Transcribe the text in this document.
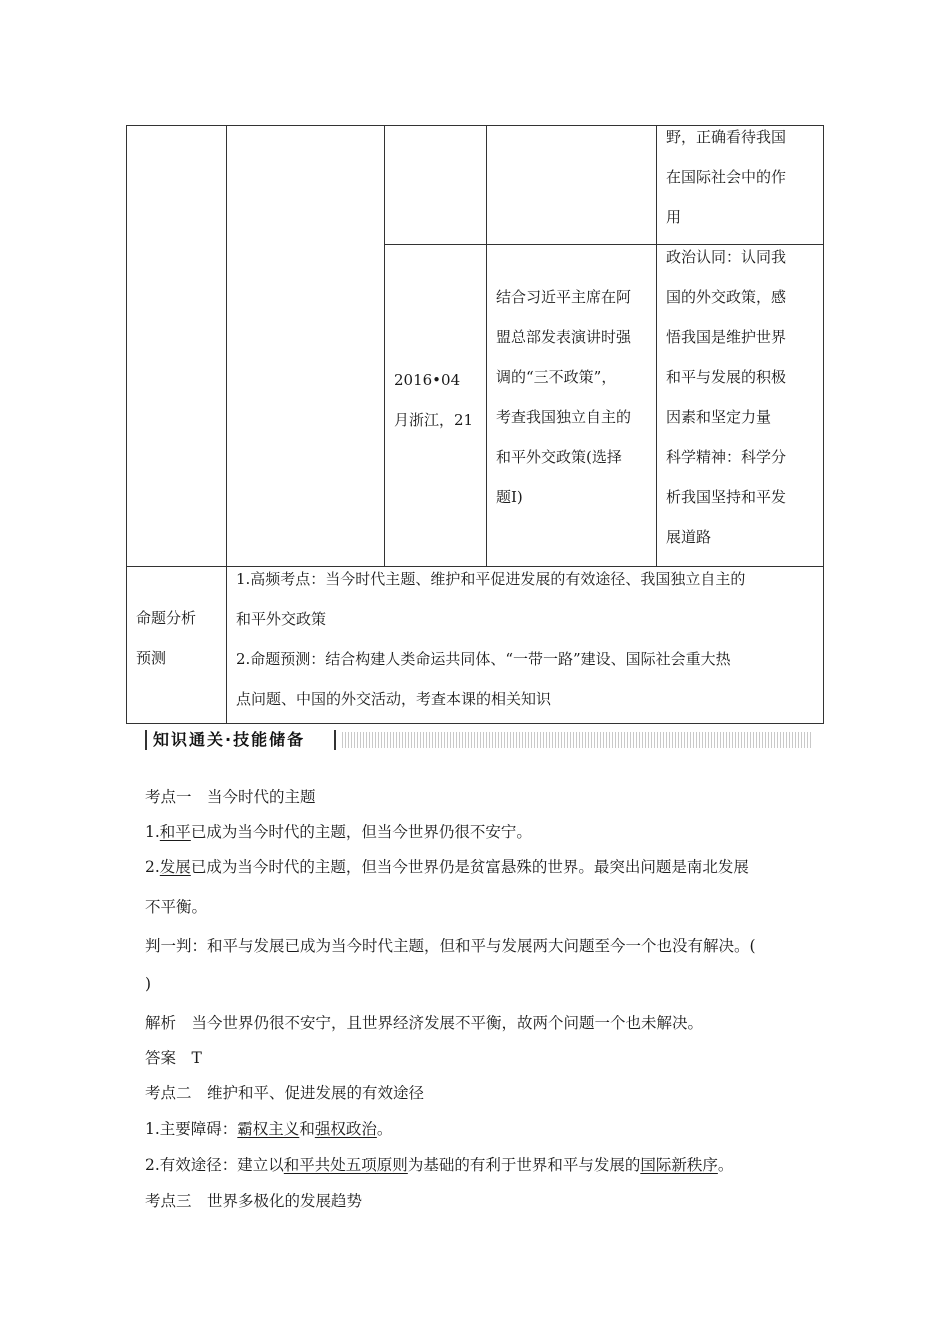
野，正确看待我国
在国际社会中的作
用
2016•04
月浙江，21
结合习近平主席在阿
盟总部发表演讲时强
调的“三不政策”，
考查我国独立自主的
和平外交政策(选择
题Ⅰ)
政治认同：认同我
国的外交政策，感
悟我国是维护世界
和平与发展的积极
因素和坚定力量
科学精神：科学分
析我国坚持和平发
展道路
命题分析
预测
1.高频考点：当今时代主题、维护和平促进发展的有效途径、我国独立自主的
和平外交政策
2.命题预测：结合构建人类命运共同体、“一带一路”建设、国际社会重大热
点问题、中国的外交活动，考查本课的相关知识
知识通关·技能储备
考点一　当今时代的主题
1.和平已成为当今时代的主题，但当今世界仍很不安宁。
2.发展已成为当今时代的主题，但当今世界仍是贫富悬殊的世界。最突出问题是南北发展
不平衡。
判一判：和平与发展已成为当今时代主题，但和平与发展两大问题至今一个也没有解决。(
)
解析　当今世界仍很不安宁，且世界经济发展不平衡，故两个问题一个也未解决。
答案　T
考点二　维护和平、促进发展的有效途径
1.主要障碍：霸权主义和强权政治。
2.有效途径：建立以和平共处五项原则为基础的有利于世界和平与发展的国际新秩序。
考点三　世界多极化的发展趋势
